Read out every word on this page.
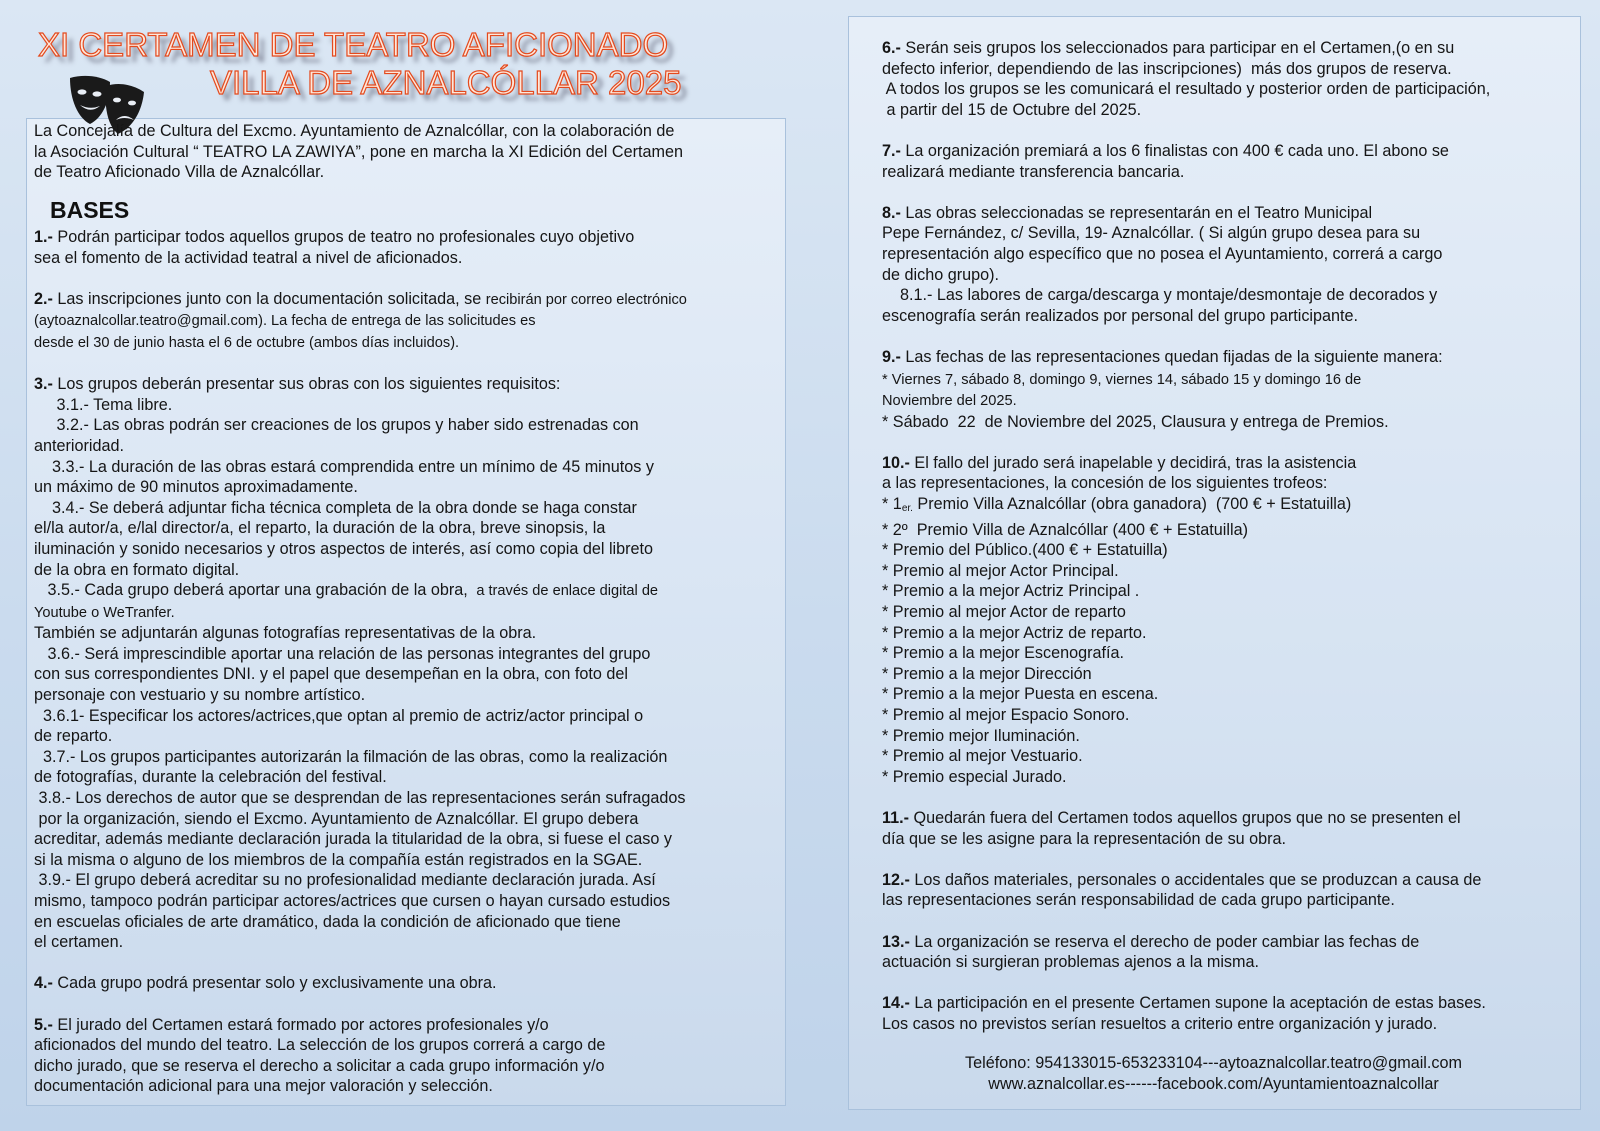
XI CERTAMEN DE TEATRO AFICIONADO
VILLA DE AZNALCÓLLAR 2025

La Concejalía de Cultura del Excmo. Ayuntamiento de Aznalcóllar, con la colaboración de
la Asociación Cultural “ TEATRO LA ZAWIYA”, pone en marcha la XI Edición del Certamen
de Teatro Aficionado Villa de Aznalcóllar.

BASES

1.- Podrán participar todos aquellos grupos de teatro no profesionales cuyo objetivo
sea el fomento de la actividad teatral a nivel de aficionados.

2.- Las inscripciones junto con la documentación solicitada, se recibirán por correo electrónico
(aytoaznalcollar.teatro@gmail.com). La fecha de entrega de las solicitudes es
desde el 30 de junio hasta el 6 de octubre (ambos días incluidos).

3.- Los grupos deberán presentar sus obras con los siguientes requisitos:
3.1.- Tema libre.
3.2.- Las obras podrán ser creaciones de los grupos y haber sido estrenadas con
anterioridad.
3.3.- La duración de las obras estará comprendida entre un mínimo de 45 minutos y
un máximo de 90 minutos aproximadamente.
3.4.- Se deberá adjuntar ficha técnica completa de la obra donde se haga constar
el/la autor/a, e/lal director/a, el reparto, la duración de la obra, breve sinopsis, la
iluminación y sonido necesarios y otros aspectos de interés, así como copia del libreto
de la obra en formato digital.
3.5.- Cada grupo deberá aportar una grabación de la obra,  a través de enlace digital de
Youtube o WeTranfer.
También se adjuntarán algunas fotografías representativas de la obra.
3.6.- Será imprescindible aportar una relación de las personas integrantes del grupo
con sus correspondientes DNI. y el papel que desempeñan en la obra, con foto del
personaje con vestuario y su nombre artístico.
3.6.1- Especificar los actores/actrices,que optan al premio de actriz/actor principal o
de reparto.
3.7.- Los grupos participantes autorizarán la filmación de las obras, como la realización
de fotografías, durante la celebración del festival.
3.8.- Los derechos de autor que se desprendan de las representaciones serán sufragados
por la organización, siendo el Excmo. Ayuntamiento de Aznalcóllar. El grupo debera
acreditar, además mediante declaración jurada la titularidad de la obra, si fuese el caso y
si la misma o alguno de los miembros de la compañía están registrados en la SGAE.
3.9.- El grupo deberá acreditar su no profesionalidad mediante declaración jurada. Así
mismo, tampoco podrán participar actores/actrices que cursen o hayan cursado estudios
en escuelas oficiales de arte dramático, dada la condición de aficionado que tiene
el certamen.

4.- Cada grupo podrá presentar solo y exclusivamente una obra.

5.- El jurado del Certamen estará formado por actores profesionales y/o
aficionados del mundo del teatro. La selección de los grupos correrá a cargo de
dicho jurado, que se reserva el derecho a solicitar a cada grupo información y/o
documentación adicional para una mejor valoración y selección.

6.- Serán seis grupos los seleccionados para participar en el Certamen,(o en su
defecto inferior, dependiendo de las inscripciones)  más dos grupos de reserva.
A todos los grupos se les comunicará el resultado y posterior orden de participación,
a partir del 15 de Octubre del 2025.

7.- La organización premiará a los 6 finalistas con 400 € cada uno. El abono se
realizará mediante transferencia bancaria.

8.- Las obras seleccionadas se representarán en el Teatro Municipal
Pepe Fernández, c/ Sevilla, 19- Aznalcóllar. ( Si algún grupo desea para su
representación algo específico que no posea el Ayuntamiento, correrá a cargo
de dicho grupo).
8.1.- Las labores de carga/descarga y montaje/desmontaje de decorados y
escenografía serán realizados por personal del grupo participante.

9.- Las fechas de las representaciones quedan fijadas de la siguiente manera:
* Viernes 7, sábado 8, domingo 9, viernes 14, sábado 15 y domingo 16 de
Noviembre del 2025.
* Sábado  22  de Noviembre del 2025, Clausura y entrega de Premios.

10.- El fallo del jurado será inapelable y decidirá, tras la asistencia
a las representaciones, la concesión de los siguientes trofeos:
* $1_{er.}$ Premio Villa Aznalcóllar (obra ganadora)  (700 € + Estatuilla)
* 2º  Premio Villa de Aznalcóllar (400 € + Estatuilla)
* Premio del Público.(400 € + Estatuilla)
* Premio al mejor Actor Principal.
* Premio a la mejor Actriz Principal .
* Premio al mejor Actor de reparto
* Premio a la mejor Actriz de reparto.
* Premio a la mejor Escenografía.
* Premio a la mejor Dirección
* Premio a la mejor Puesta en escena.
* Premio al mejor Espacio Sonoro.
* Premio mejor Iluminación.
* Premio al mejor Vestuario.
* Premio especial Jurado.

11.- Quedarán fuera del Certamen todos aquellos grupos que no se presenten el
día que se les asigne para la representación de su obra.

12.- Los daños materiales, personales o accidentales que se produzcan a causa de
las representaciones serán responsabilidad de cada grupo participante.

13.- La organización se reserva el derecho de poder cambiar las fechas de
actuación si surgieran problemas ajenos a la misma.

14.- La participación en el presente Certamen supone la aceptación de estas bases.
Los casos no previstos serían resueltos a criterio entre organización y jurado.

Teléfono: 954133015-653233104---aytoaznalcollar.teatro@gmail.com
www.aznalcollar.es------facebook.com/Ayuntamientoaznalcollar
